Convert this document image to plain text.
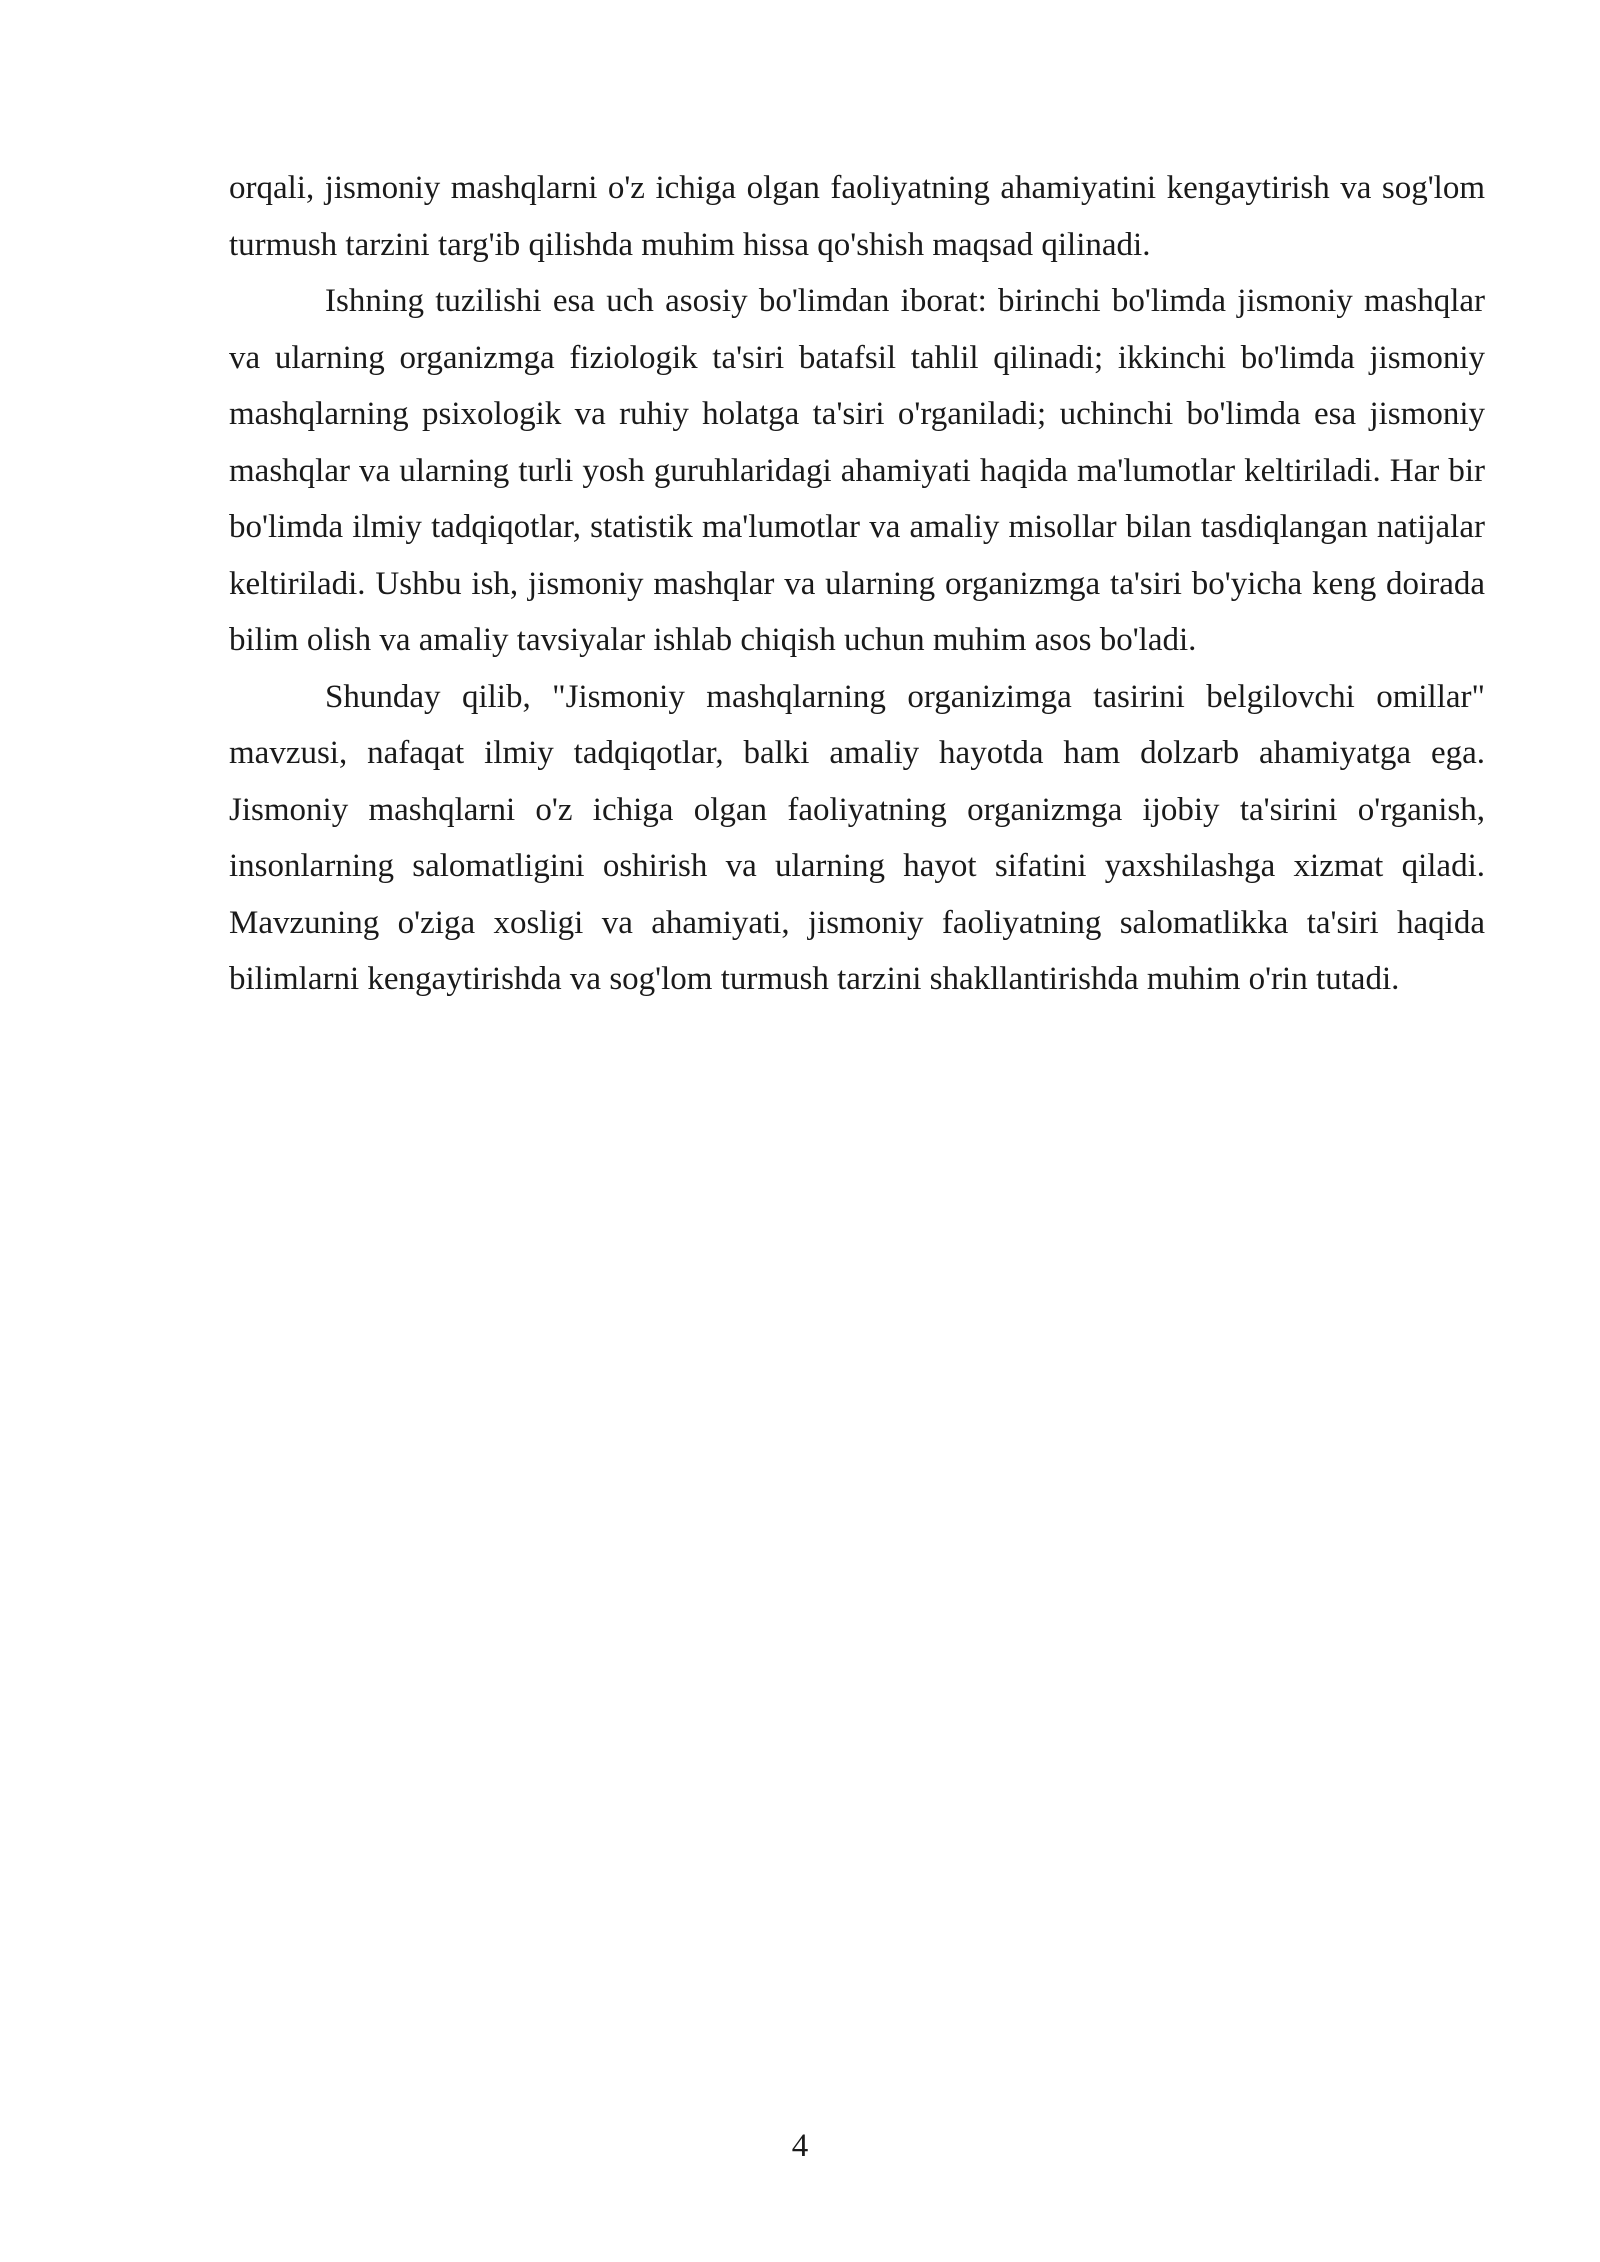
orqali, jismoniy mashqlarni o'z ichiga olgan faoliyatning ahamiyatini kengaytirish va sog'lom turmush tarzini targ'ib qilishda muhim hissa qo'shish maqsad qilinadi.

Ishning tuzilishi esa uch asosiy bo'limdan iborat: birinchi bo'limda jismoniy mashqlar va ularning organizmga fiziologik ta'siri batafsil tahlil qilinadi; ikkinchi bo'limda jismoniy mashqlarning psixologik va ruhiy holatga ta'siri o'rganiladi; uchinchi bo'limda esa jismoniy mashqlar va ularning turli yosh guruhlaridagi ahamiyati haqida ma'lumotlar keltiriladi. Har bir bo'limda ilmiy tadqiqotlar, statistik ma'lumotlar va amaliy misollar bilan tasdiqlangan natijalar keltiriladi. Ushbu ish, jismoniy mashqlar va ularning organizmga ta'siri bo'yicha keng doirada bilim olish va amaliy tavsiyalar ishlab chiqish uchun muhim asos bo'ladi.

Shunday qilib, "Jismoniy mashqlarning organizimga tasirini belgilovchi omillar" mavzusi, nafaqat ilmiy tadqiqotlar, balki amaliy hayotda ham dolzarb ahamiyatga ega. Jismoniy mashqlarni o'z ichiga olgan faoliyatning organizmga ijobiy ta'sirini o'rganish, insonlarning salomatligini oshirish va ularning hayot sifatini yaxshilashga xizmat qiladi. Mavzuning o'ziga xosligi va ahamiyati, jismoniy faoliyatning salomatlikka ta'siri haqida bilimlarni kengaytirishda va sog'lom turmush tarzini shakllantirishda muhim o'rin tutadi.

4
